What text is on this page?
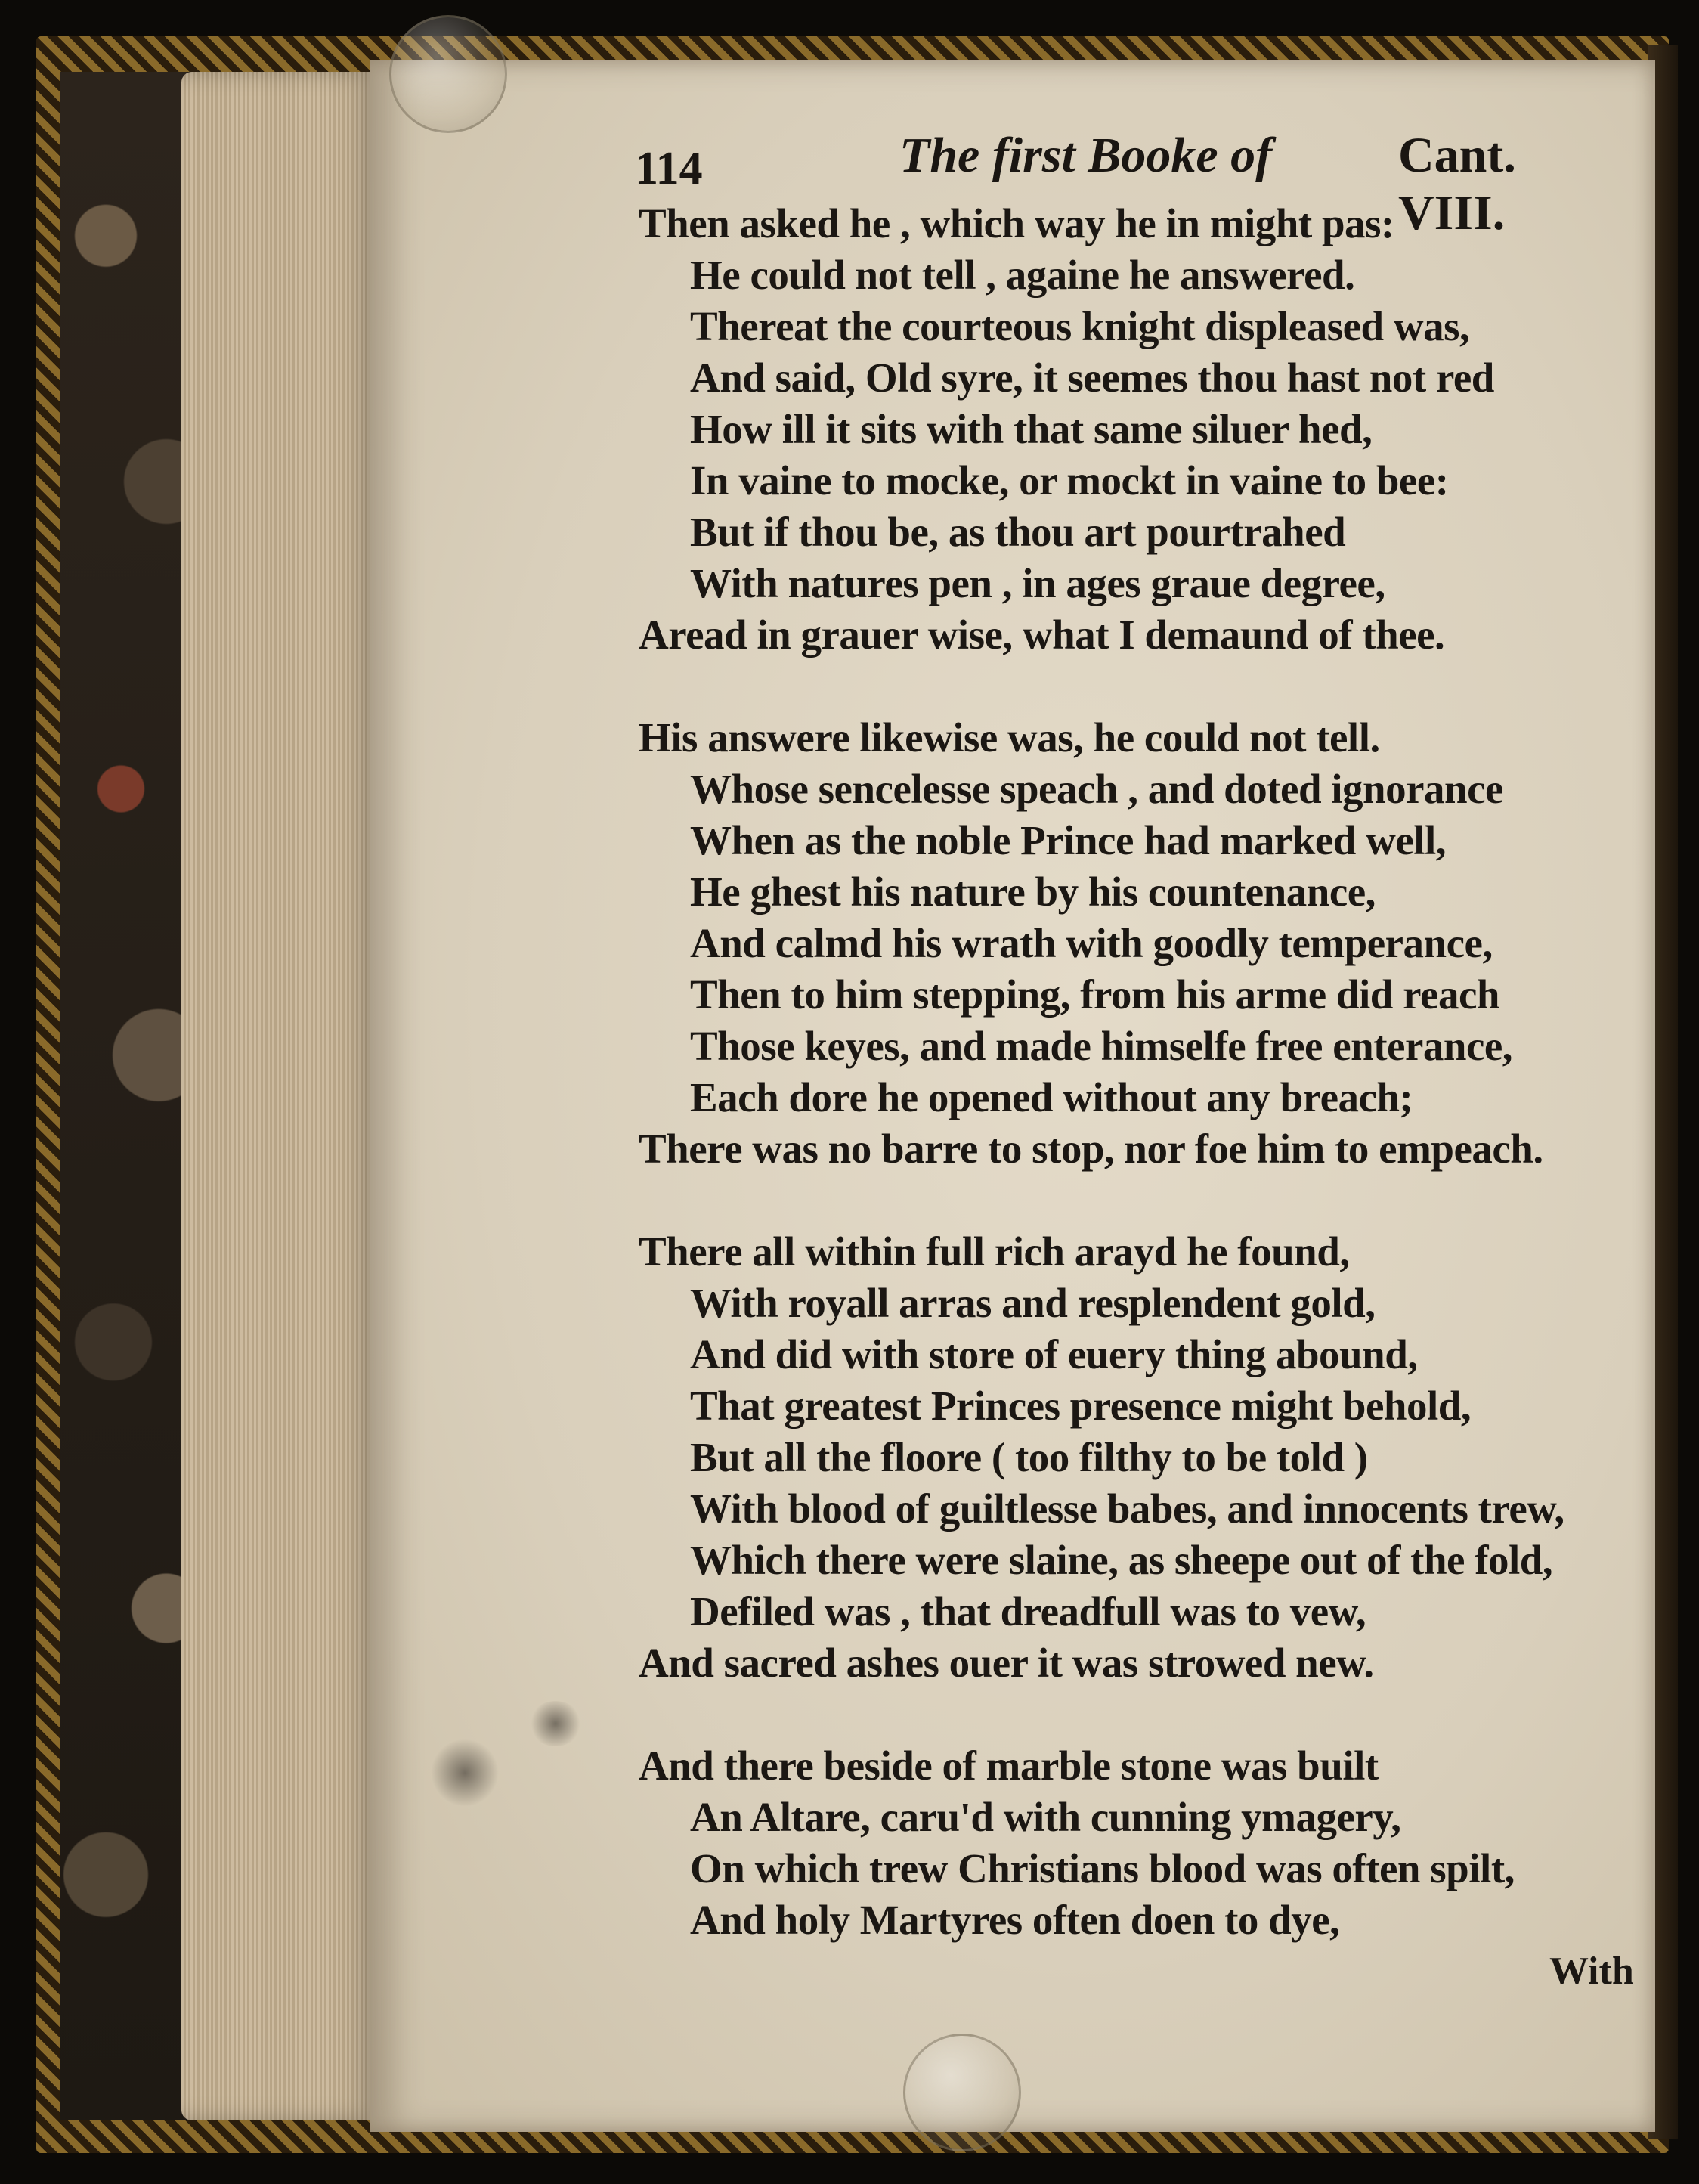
114	The first Booke of	Cant. VIII.
Then asked he , which way he in might pas:
He could not tell , againe he answered.
Thereat the courteous knight displeased was,
And said, Old syre, it seemes thou hast not red
How ill it sits with that same siluer hed,
In vaine to mocke, or mockt in vaine to bee:
But if thou be, as thou art pourtrahed
With natures pen , in ages graue degree,
Aread in grauer wise, what I demaund of thee.
His answere likewise was, he could not tell.
Whose sencelesse speach , and doted ignorance
When as the noble Prince had marked well,
He ghest his nature by his countenance,
And calmd his wrath with goodly temperance,
Then to him stepping, from his arme did reach
Those keyes, and made himselfe free enterance,
Each dore he opened without any breach;
There was no barre to stop, nor foe him to empeach.
There all within full rich arayd he found,
With royall arras and resplendent gold,
And did with store of euery thing abound,
That greatest Princes presence might behold,
But all the floore ( too filthy to be told )
With blood of guiltlesse babes, and innocents trew,
Which there were slaine, as sheepe out of the fold,
Defiled was , that dreadfull was to vew,
And sacred ashes ouer it was strowed new.
And there beside of marble stone was built
An Altare, caru'd with cunning ymagery,
On which trew Christians blood was often spilt,
And holy Martyres often doen to dye,
With
